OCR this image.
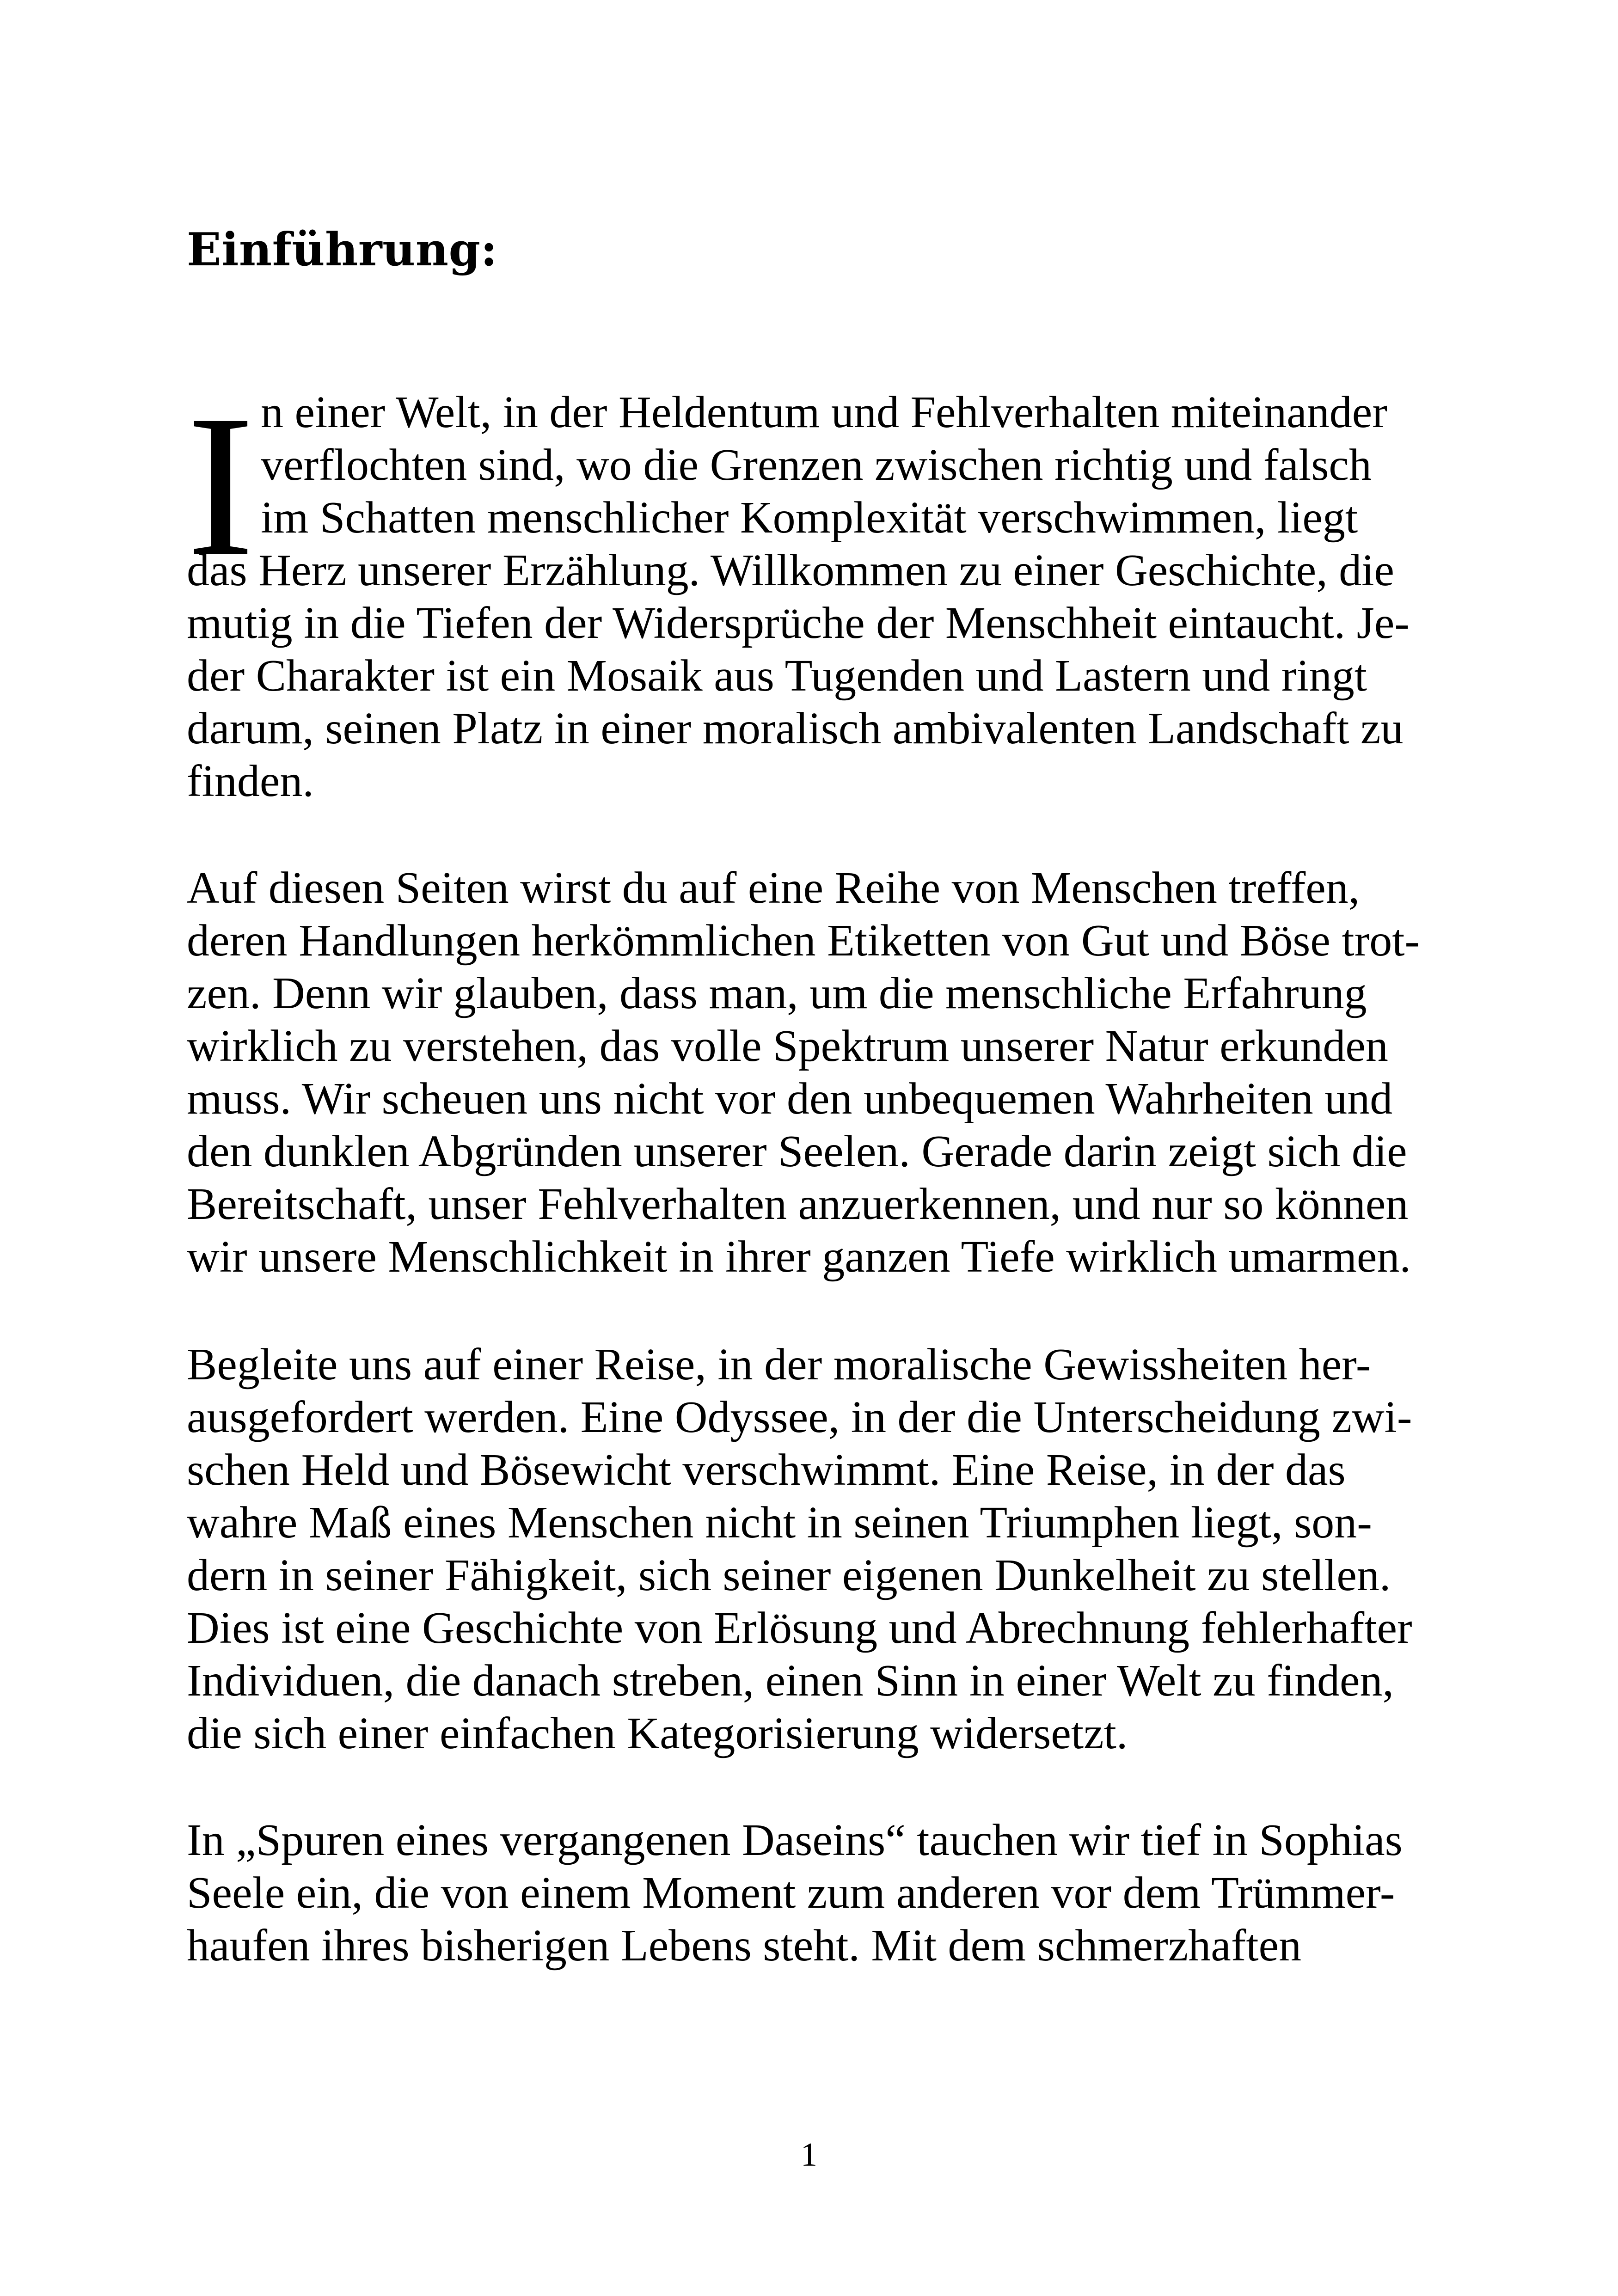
Einführung:
I n einer Welt, in der Heldentum und Fehlverhalten miteinander
verflochten sind, wo die Grenzen zwischen richtig und falsch
im Schatten menschlicher Komplexität verschwimmen, liegt
das Herz unserer Erzählung. Willkommen zu einer Geschichte, die
mutig in die Tiefen der Widersprüche der Menschheit eintaucht. Je-
der Charakter ist ein Mosaik aus Tugenden und Lastern und ringt
darum, seinen Platz in einer moralisch ambivalenten Landschaft zu
finden.
Auf diesen Seiten wirst du auf eine Reihe von Menschen treffen,
deren Handlungen herkömmlichen Etiketten von Gut und Böse trot-
zen. Denn wir glauben, dass man, um die menschliche Erfahrung
wirklich zu verstehen, das volle Spektrum unserer Natur erkunden
muss. Wir scheuen uns nicht vor den unbequemen Wahrheiten und
den dunklen Abgründen unserer Seelen. Gerade darin zeigt sich die
Bereitschaft, unser Fehlverhalten anzuerkennen, und nur so können
wir unsere Menschlichkeit in ihrer ganzen Tiefe wirklich umarmen.
Begleite uns auf einer Reise, in der moralische Gewissheiten her-
ausgefordert werden. Eine Odyssee, in der die Unterscheidung zwi-
schen Held und Bösewicht verschwimmt. Eine Reise, in der das
wahre Maß eines Menschen nicht in seinen Triumphen liegt, son-
dern in seiner Fähigkeit, sich seiner eigenen Dunkelheit zu stellen.
Dies ist eine Geschichte von Erlösung und Abrechnung fehlerhafter
Individuen, die danach streben, einen Sinn in einer Welt zu finden,
die sich einer einfachen Kategorisierung widersetzt.
In „Spuren eines vergangenen Daseins“ tauchen wir tief in Sophias
Seele ein, die von einem Moment zum anderen vor dem Trümmer-
haufen ihres bisherigen Lebens steht. Mit dem schmerzhaften
1
